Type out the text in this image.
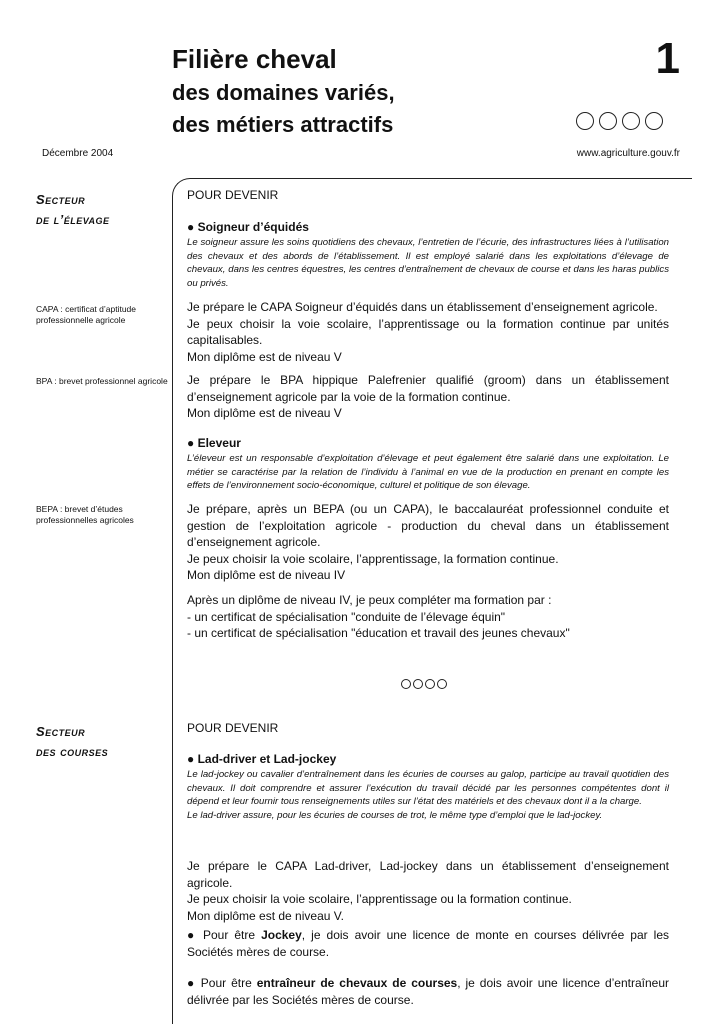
Filière cheval
des domaines variés,
des métiers attractifs
1
Décembre 2004	www.agriculture.gouv.fr
Secteur
de l’élevage
CAPA : certificat d’aptitude professionnelle agricole
BPA : brevet professionnel agricole
BEPA : brevet d’études professionnelles agricoles
Secteur
des courses
POUR DEVENIR
● Soigneur d’équidés
Le soigneur assure les soins quotidiens des chevaux, l’entretien de l’écurie, des infrastructures liées à l’utilisation des chevaux et des abords de l’établissement. Il est employé salarié dans les exploitations d’élevage de chevaux, dans les centres équestres, les centres d’entraînement de chevaux de course et dans les haras publics ou privés.

Je prépare le CAPA Soigneur d’équidés dans un établissement d’enseignement agricole.

Je peux choisir la voie scolaire, l’apprentissage ou la formation continue par unités capitalisables.

Mon diplôme est de niveau V

Je prépare le BPA hippique Palefrenier qualifié (groom) dans un établissement d’enseignement agricole par la voie de la formation continue.

Mon diplôme est de niveau V

● Eleveur
L’éleveur est un responsable d’exploitation d’élevage et peut également être salarié dans une exploitation. Le métier se caractérise par la relation de l’individu à l’animal en vue de la production en prenant en compte les effets de l’environnement socio-économique, culturel et politique de son élevage.

Je prépare, après un BEPA (ou un CAPA), le baccalauréat professionnel conduite et gestion de l’exploitation agricole - production du cheval dans un établissement d’enseignement agricole.

Je peux choisir la voie scolaire, l’apprentissage, la formation continue.

Mon diplôme est de niveau IV

Après un diplôme de niveau IV, je peux compléter ma formation par :

- un certificat de spécialisation "conduite de l’élevage équin"

- un certificat de spécialisation "éducation et travail des jeunes chevaux"

POUR DEVENIR
● Lad-driver et Lad-jockey
Le lad-jockey ou cavalier d’entraînement dans les écuries de courses au galop, participe au travail quotidien des chevaux. Il doit comprendre et assurer l’exécution du travail décidé par les personnes compétentes dont il dépend et leur fournir tous renseignements utiles sur l’état des matériels et des chevaux dont il a la charge.
Le lad-driver assure, pour les écuries de courses de trot, le même type d’emploi que le lad-jockey.

Je prépare le CAPA Lad-driver, Lad-jockey dans un établissement d’enseignement agricole.

Je peux choisir la voie scolaire, l’apprentissage ou la formation continue.

Mon diplôme est de niveau V.

● Pour être Jockey, je dois avoir une licence de monte en courses délivrée par les Sociétés mères de course.
● Pour être entraîneur de chevaux de courses, je dois avoir une licence d’entraîneur délivrée par les Sociétés mères de course.
